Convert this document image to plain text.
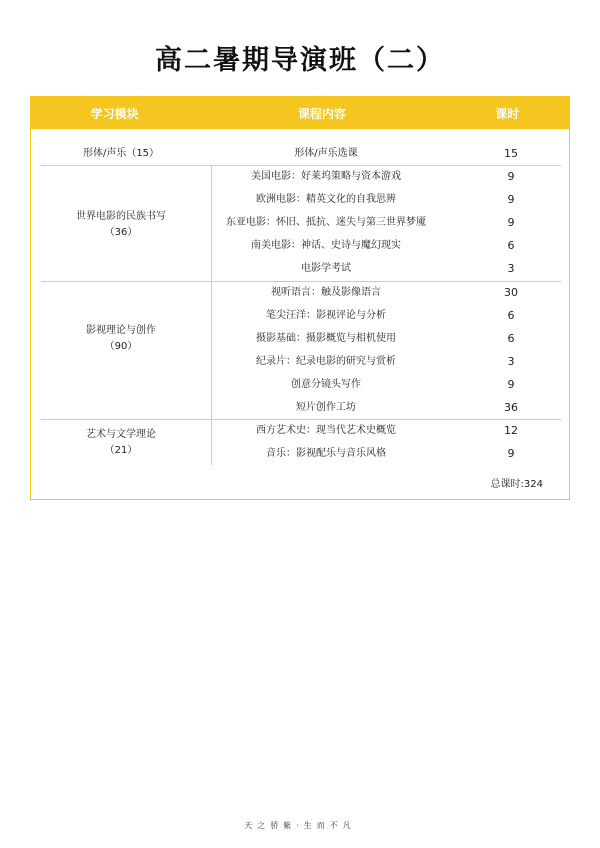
高二暑期导演班（二）
学习模块	课程内容	课时
形体/声乐（15）	形体/声乐选课	15
世界电影的民族书写
（36）
美国电影：好莱坞策略与资本游戏	9
欧洲电影：精英文化的自我思辨	9
东亚电影：怀旧、抵抗、迷失与第三世界梦魇	9
南美电影：神话、史诗与魔幻现实	6
电影学考试	3
影视理论与创作
（90）
视听语言：触及影像语言	30
笔尖汪洋：影视评论与分析	6
摄影基础：摄影概览与相机使用	6
纪录片：纪录电影的研究与赏析	3
创意分镜头写作	9
短片创作工坊	36
艺术与文学理论
（21）
西方艺术史：现当代艺术史概览	12
音乐：影视配乐与音乐风格	9
总课时:324
天之骄紫·生而不凡
